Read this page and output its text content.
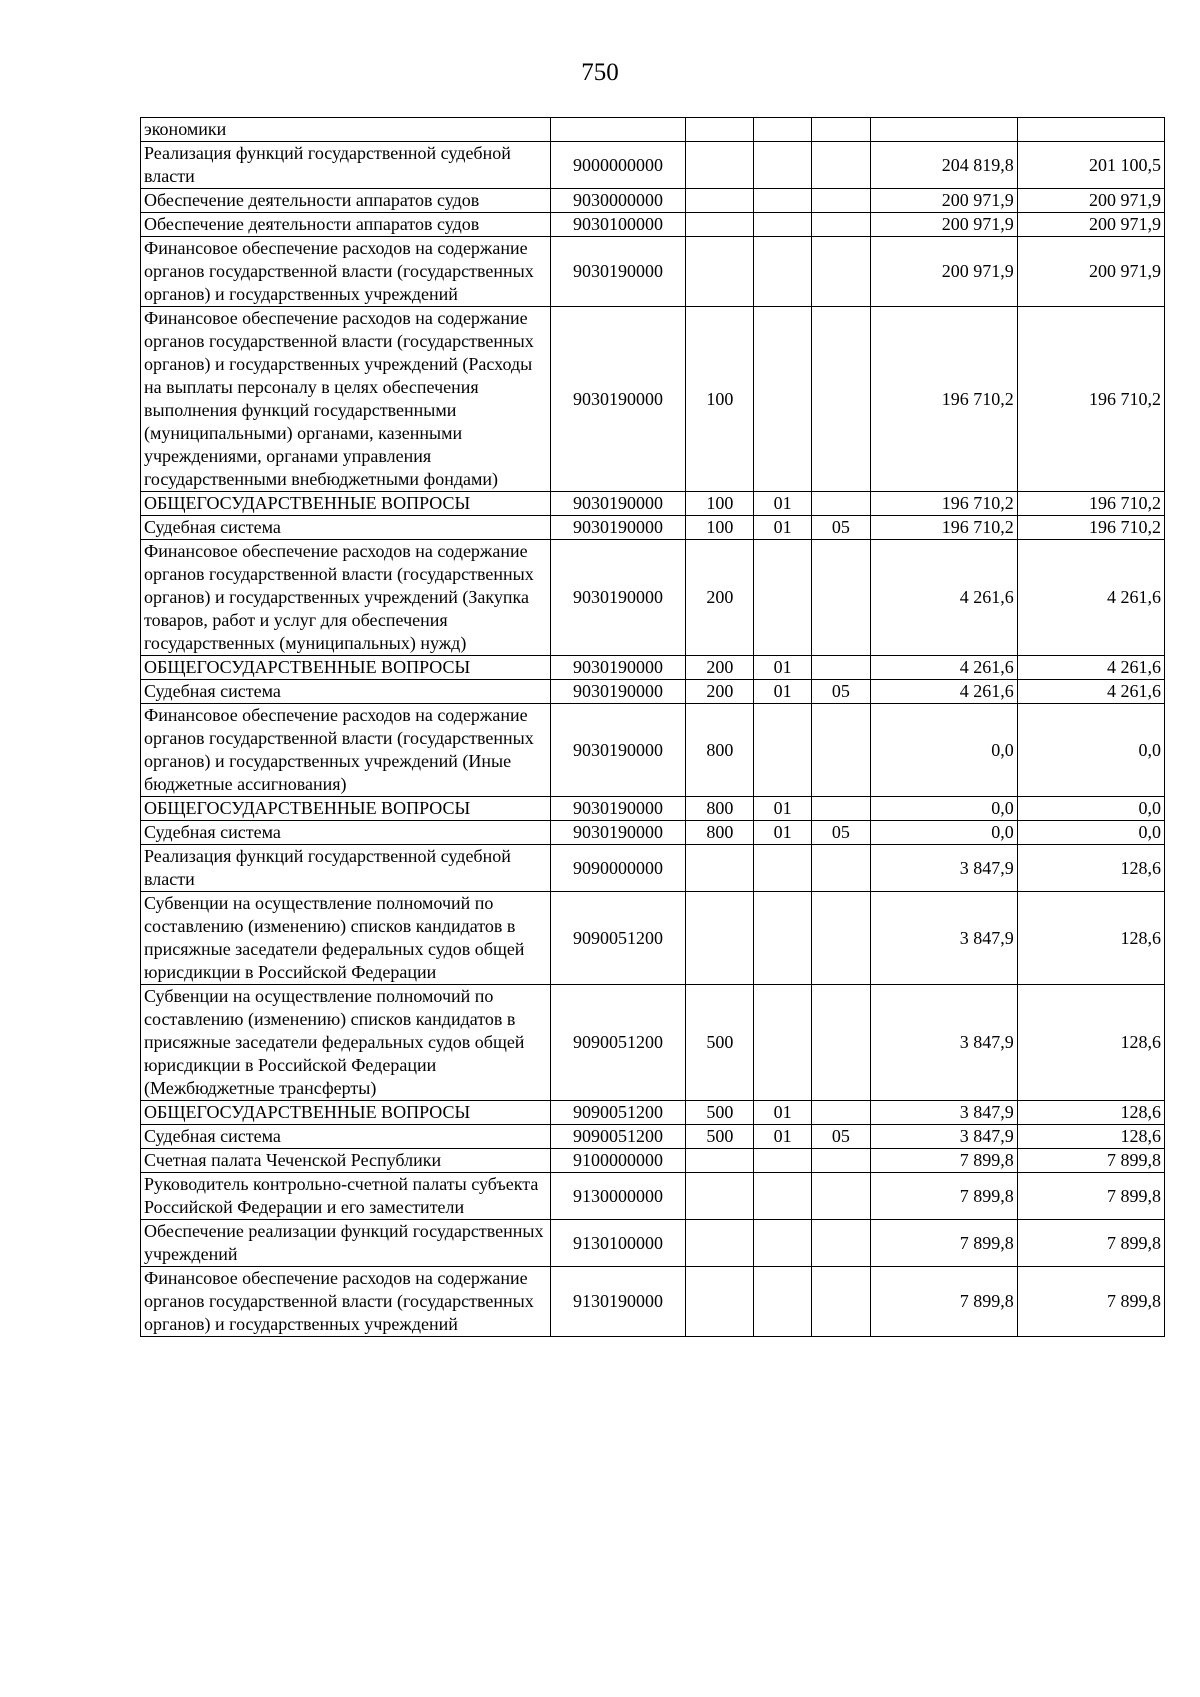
750
экономики						
Реализация функций государственной судебной власти	9000000000				204 819,8	201 100,5
Обеспечение деятельности аппаратов судов	9030000000				200 971,9	200 971,9
Обеспечение деятельности аппаратов судов	9030100000				200 971,9	200 971,9
Финансовое обеспечение расходов на содержание органов государственной власти (государственных органов) и государственных учреждений	9030190000				200 971,9	200 971,9
Финансовое обеспечение расходов на содержание органов государственной власти (государственных органов) и государственных учреждений (Расходы на выплаты персоналу в целях обеспечения выполнения функций государственными (муниципальными) органами, казенными учреждениями, органами управления государственными внебюджетными фондами)	9030190000	100			196 710,2	196 710,2
ОБЩЕГОСУДАРСТВЕННЫЕ ВОПРОСЫ	9030190000	100	01		196 710,2	196 710,2
Судебная система	9030190000	100	01	05	196 710,2	196 710,2
Финансовое обеспечение расходов на содержание органов государственной власти (государственных органов) и государственных учреждений (Закупка товаров, работ и услуг для обеспечения государственных (муниципальных) нужд)	9030190000	200			4 261,6	4 261,6
ОБЩЕГОСУДАРСТВЕННЫЕ ВОПРОСЫ	9030190000	200	01		4 261,6	4 261,6
Судебная система	9030190000	200	01	05	4 261,6	4 261,6
Финансовое обеспечение расходов на содержание органов государственной власти (государственных органов) и государственных учреждений (Иные бюджетные ассигнования)	9030190000	800			0,0	0,0
ОБЩЕГОСУДАРСТВЕННЫЕ ВОПРОСЫ	9030190000	800	01		0,0	0,0
Судебная система	9030190000	800	01	05	0,0	0,0
Реализация функций государственной судебной власти	9090000000				3 847,9	128,6
Субвенции на осуществление полномочий по составлению (изменению) списков кандидатов в присяжные заседатели федеральных судов общей юрисдикции в Российской Федерации	9090051200				3 847,9	128,6
Субвенции на осуществление полномочий по составлению (изменению) списков кандидатов в присяжные заседатели федеральных судов общей юрисдикции в Российской Федерации (Межбюджетные трансферты)	9090051200	500			3 847,9	128,6
ОБЩЕГОСУДАРСТВЕННЫЕ ВОПРОСЫ	9090051200	500	01		3 847,9	128,6
Судебная система	9090051200	500	01	05	3 847,9	128,6
Счетная палата Чеченской Республики	9100000000				7 899,8	7 899,8
Руководитель контрольно-счетной палаты субъекта Российской Федерации и его заместители	9130000000				7 899,8	7 899,8
Обеспечение реализации функций государственных учреждений	9130100000				7 899,8	7 899,8
Финансовое обеспечение расходов на содержание органов государственной власти (государственных органов) и государственных учреждений	9130190000				7 899,8	7 899,8
